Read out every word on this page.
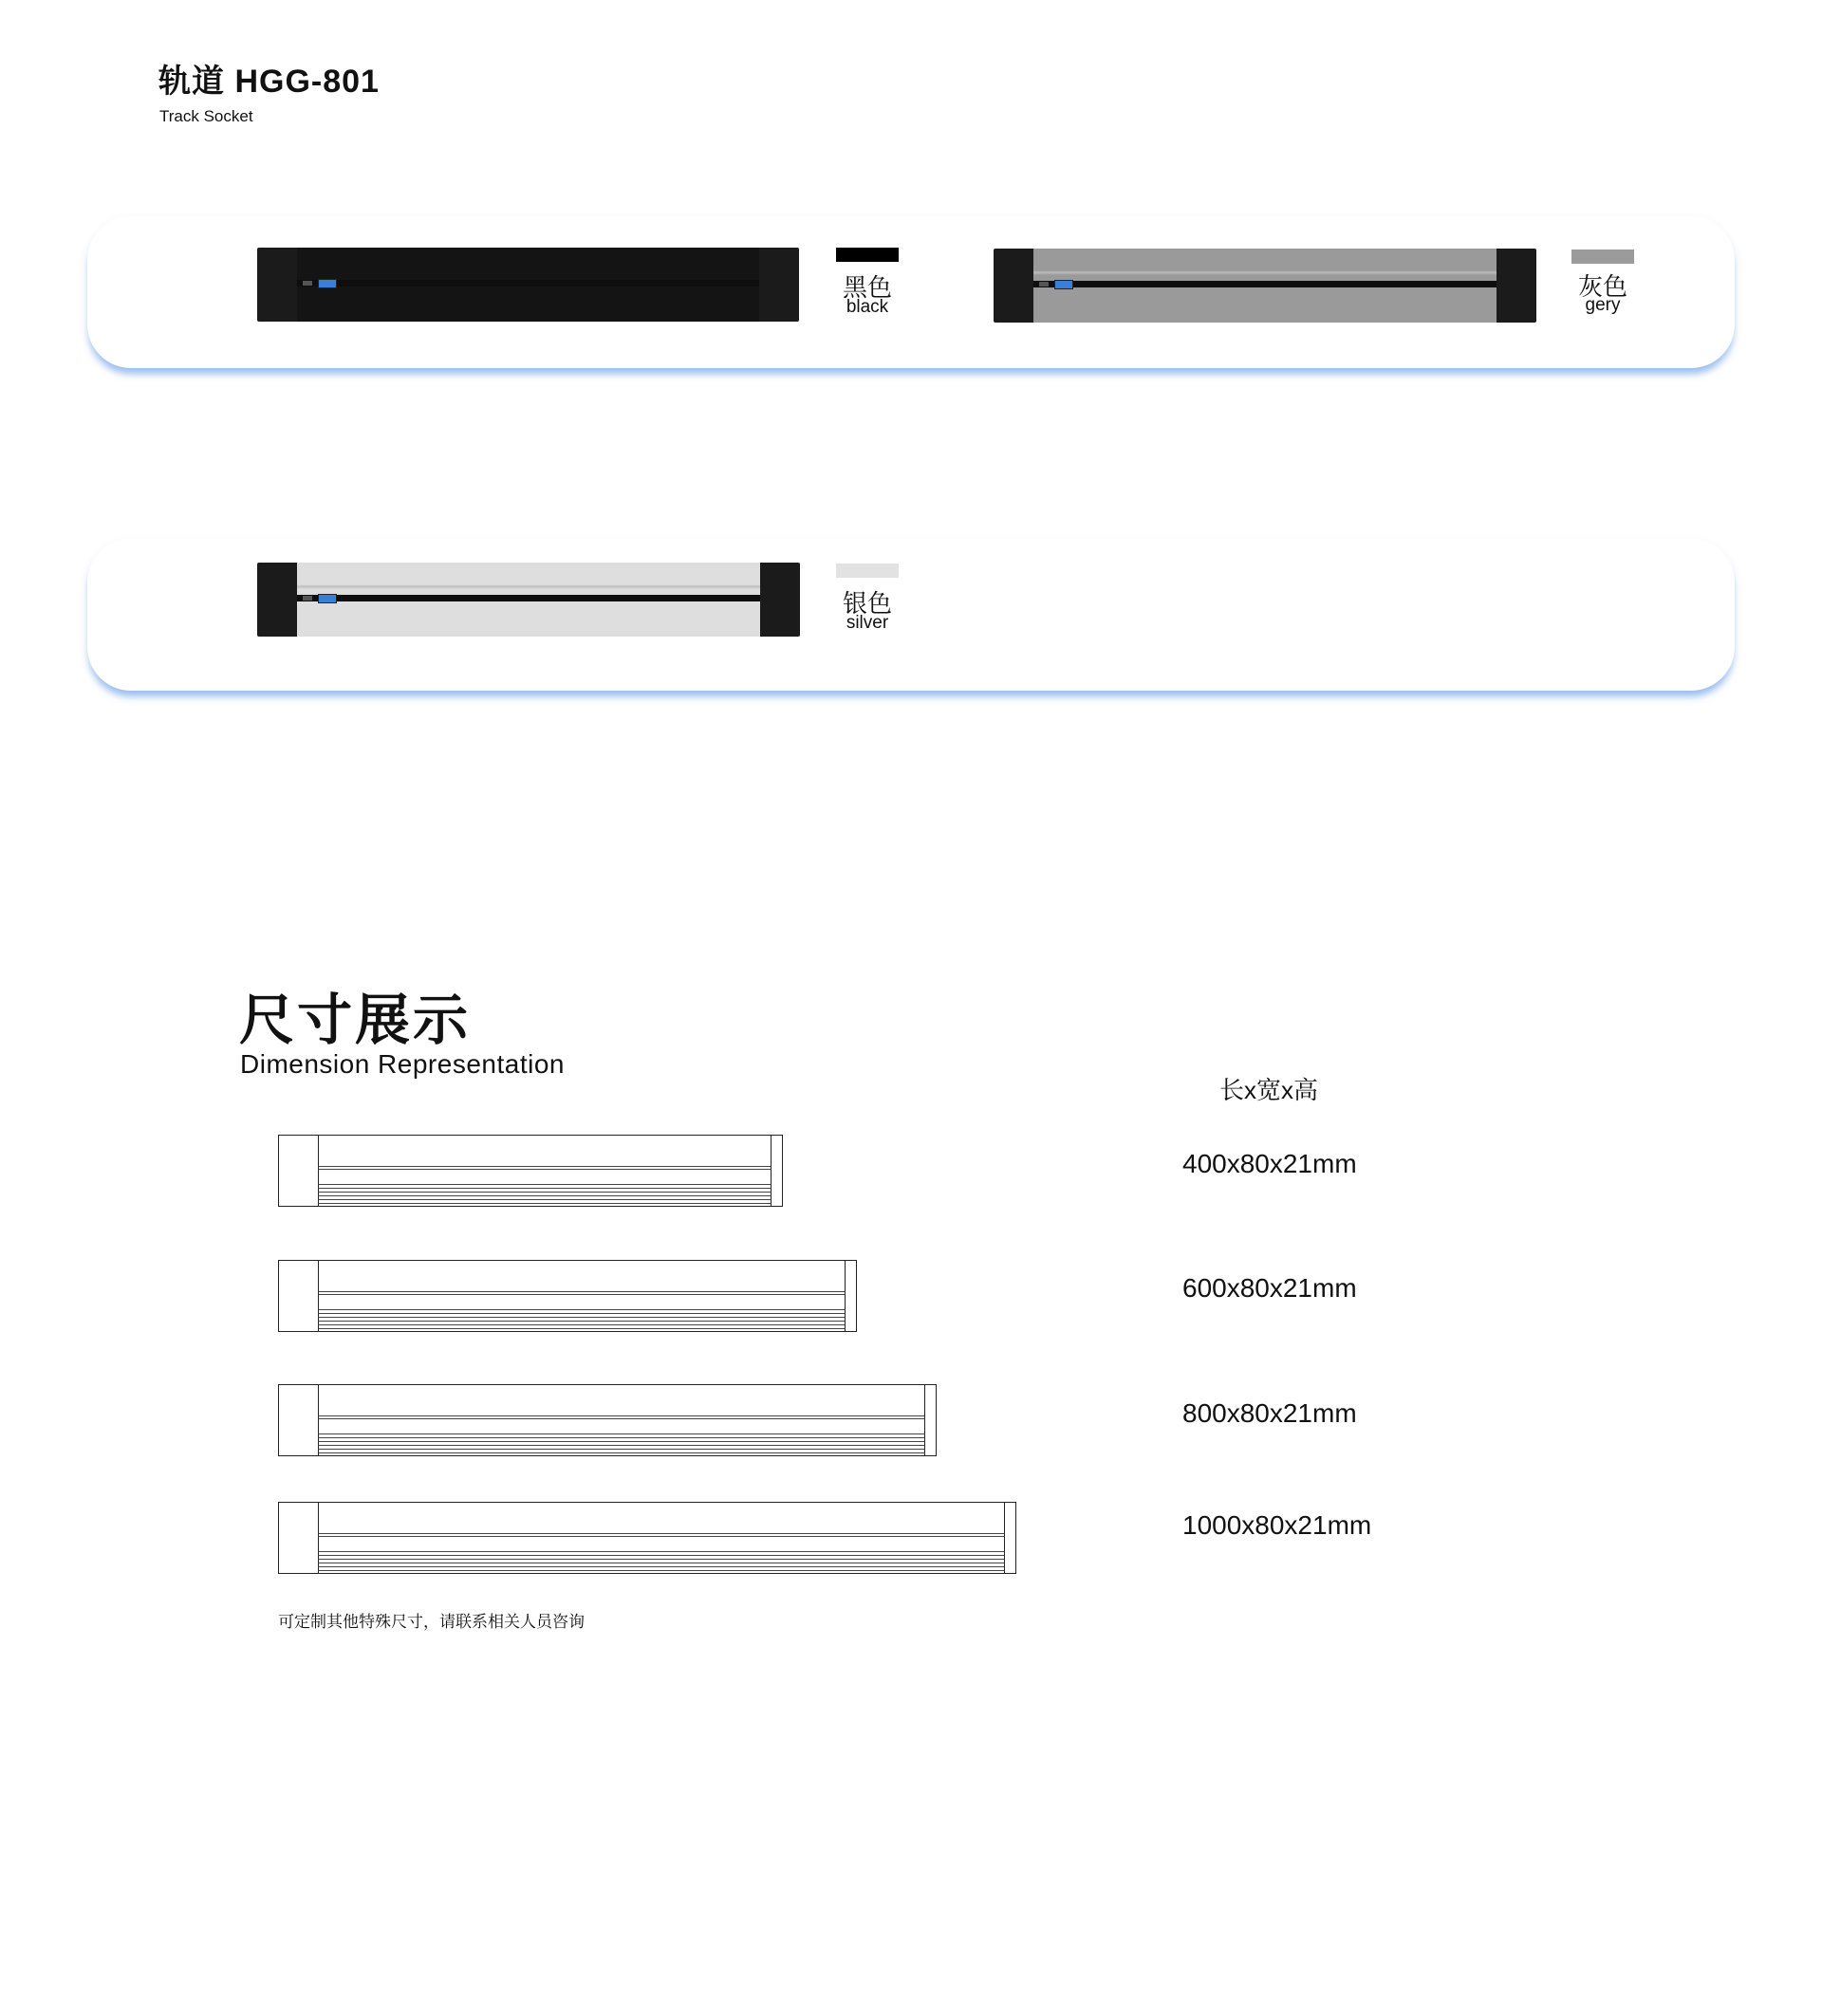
轨道 HGG-801
Track Socket
黑色
black
灰色
gery
银色
silver
尺寸展示
Dimension Representation
长x宽x高
400x80x21mm
600x80x21mm
800x80x21mm
1000x80x21mm
可定制其他特殊尺寸，请联系相关人员咨询
